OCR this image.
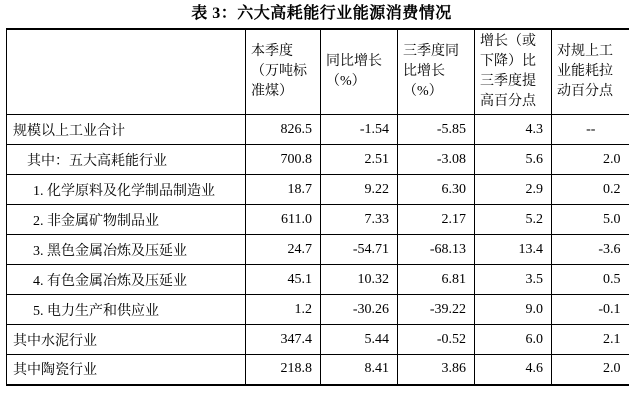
表 3：六大高耗能行业能源消费情况
	本季度（万吨标准煤）	同比增长（%）	三季度同比增长（%）	增长（或下降）比三季度提高百分点	对规上工业能耗拉动百分点
规模以上工业合计	826.5	-1.54	-5.85	4.3	--
其中：五大高耗能行业	700.8	2.51	-3.08	5.6	2.0
1. 化学原料及化学制品制造业	18.7	9.22	6.30	2.9	0.2
2. 非金属矿物制品业	611.0	7.33	2.17	5.2	5.0
3. 黑色金属冶炼及压延业	24.7	-54.71	-68.13	13.4	-3.6
4. 有色金属冶炼及压延业	45.1	10.32	6.81	3.5	0.5
5. 电力生产和供应业	1.2	-30.26	-39.22	9.0	-0.1
其中水泥行业	347.4	5.44	-0.52	6.0	2.1
其中陶瓷行业	218.8	8.41	3.86	4.6	2.0
